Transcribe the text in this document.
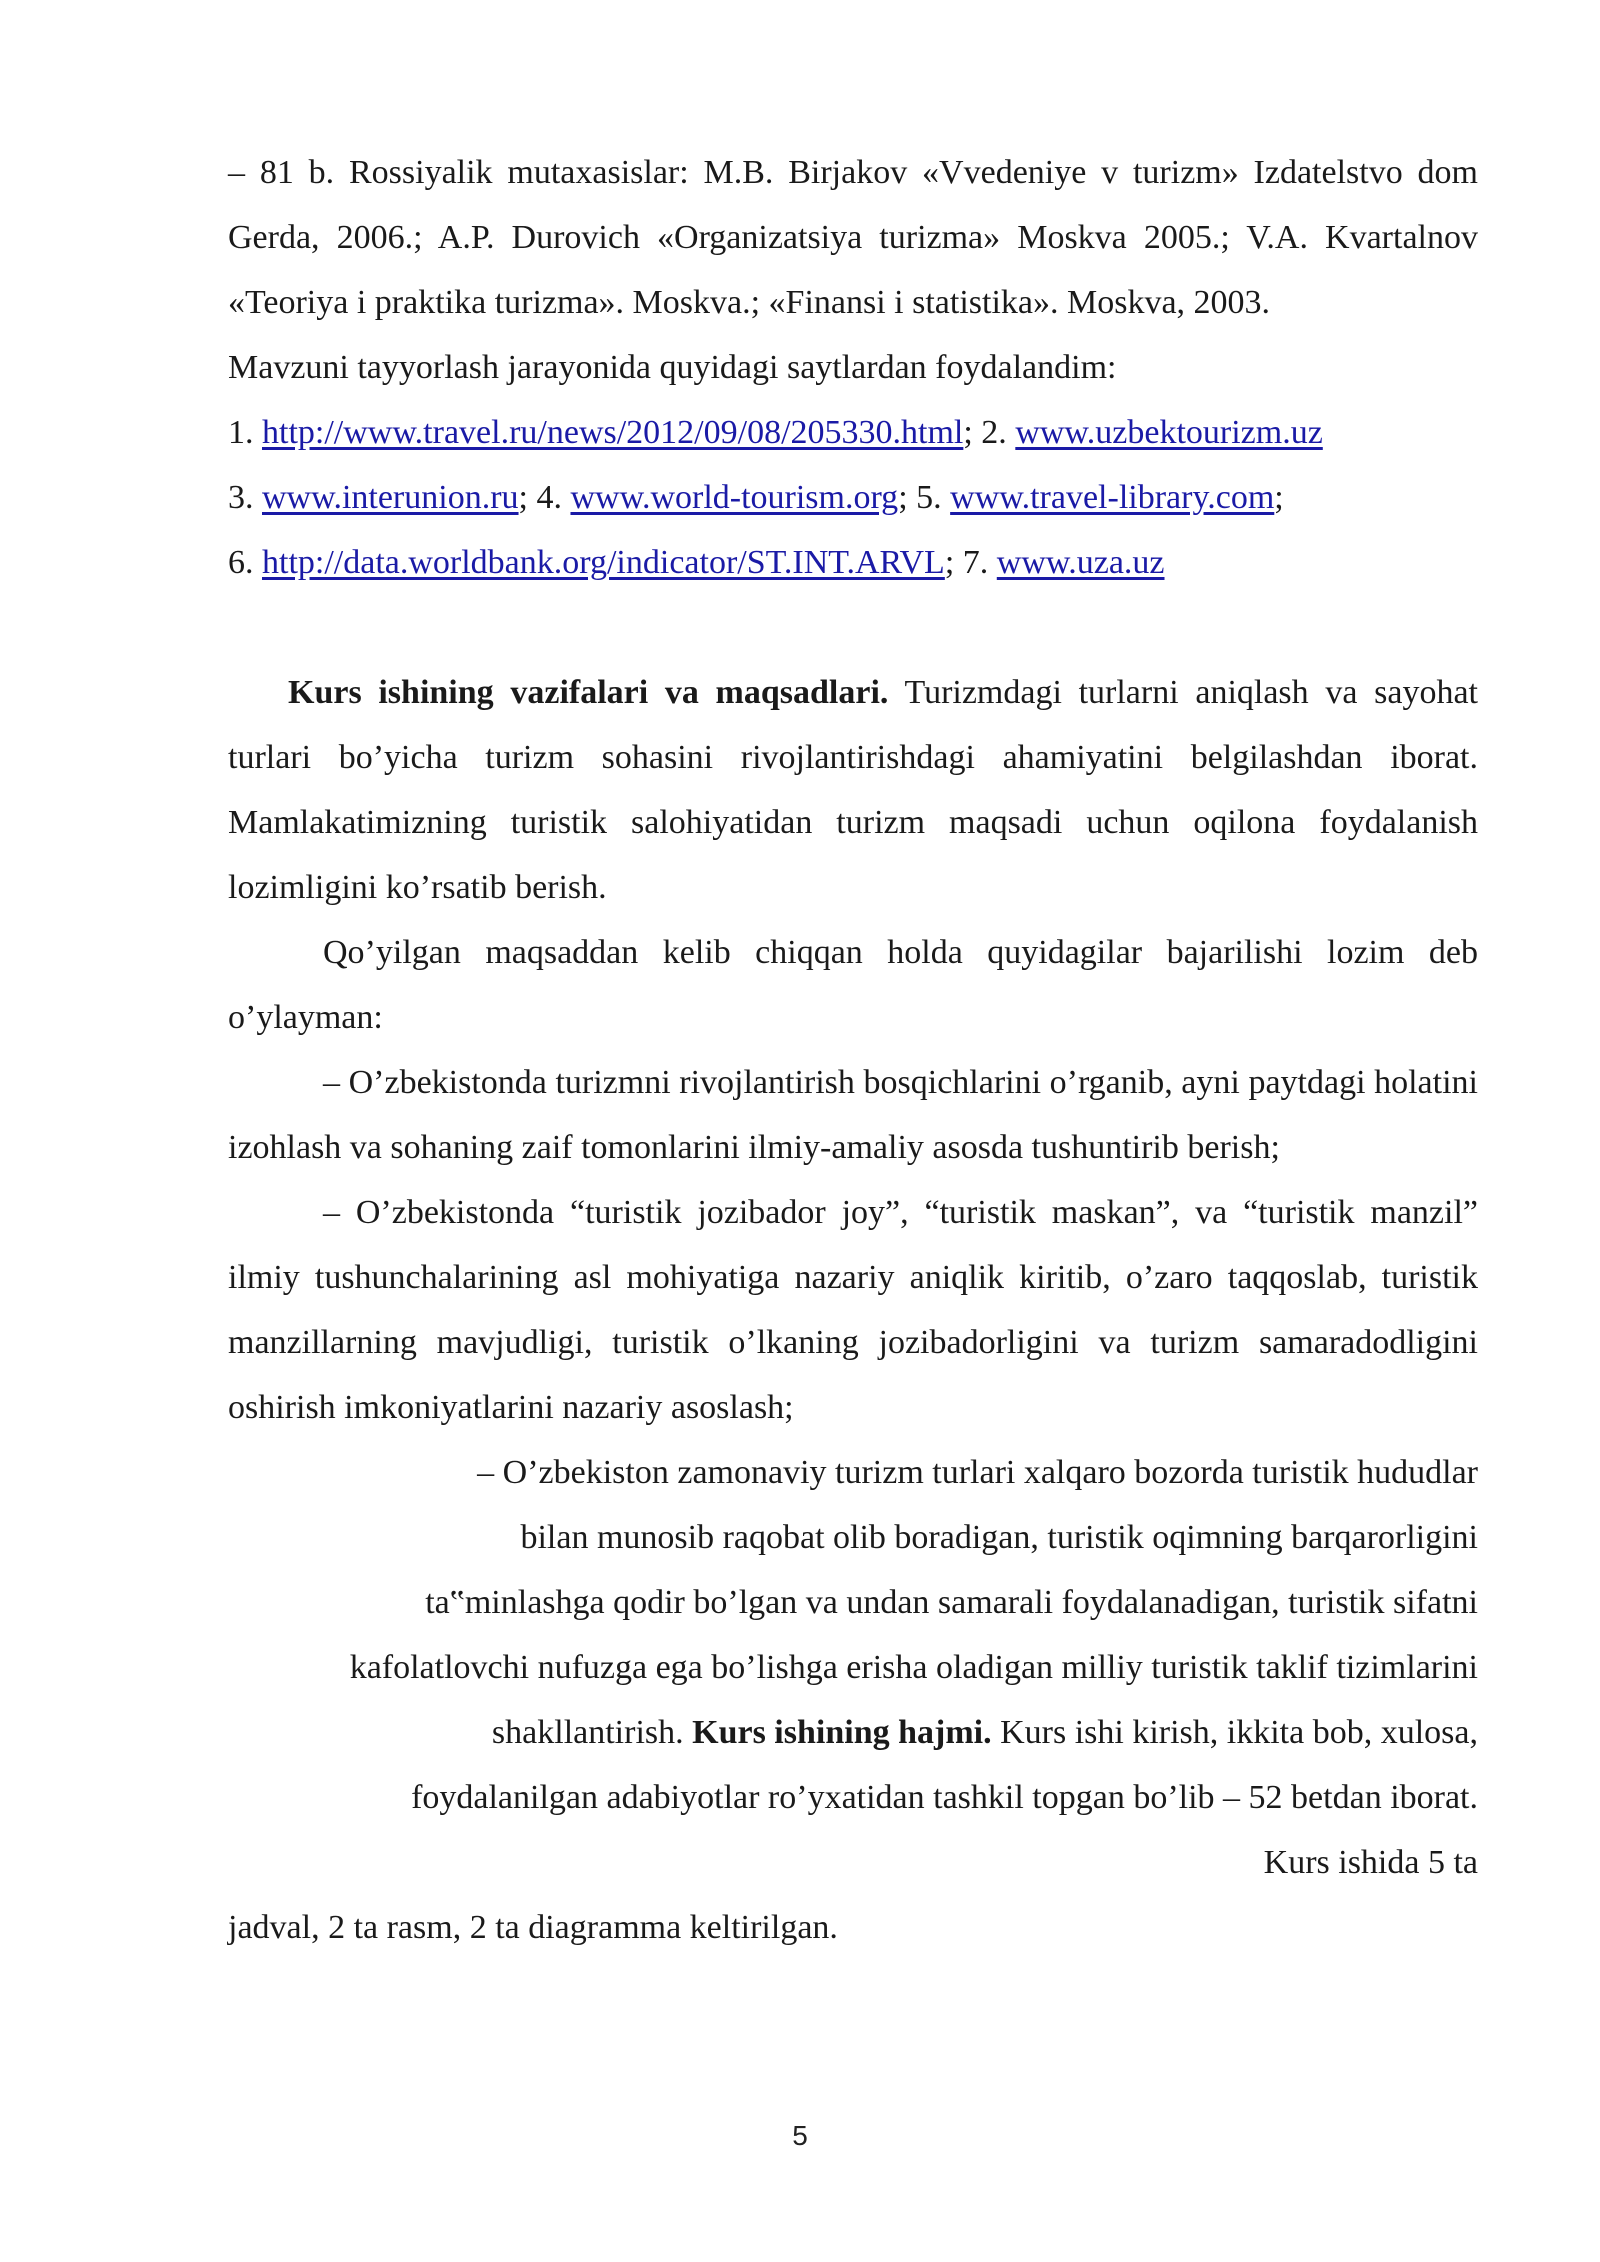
– 81 b. Rossiyalik mutaxasislar: M.B. Birjakov «Vvedeniye v turizm» Izdatelstvo dom Gerda, 2006.; A.P. Durovich «Organizatsiya turizma» Moskva 2005.; V.A. Kvartalnov «Teoriya i praktika turizma». Moskva.; «Finansi i statistika». Moskva, 2003.

Mavzuni tayyorlash jarayonida quyidagi saytlardan foydalandim:

1. http://www.travel.ru/news/2012/09/08/205330.html; 2. www.uzbektourizm.uz

3. www.interunion.ru; 4. www.world-tourism.org; 5. www.travel-library.com;

6. http://data.worldbank.org/indicator/ST.INT.ARVL; 7. www.uza.uz

Kurs ishining vazifalari va maqsadlari. Turizmdagi turlarni aniqlash va sayohat turlari bo’yicha turizm sohasini rivojlantirishdagi ahamiyatini belgilashdan iborat. Mamlakatimizning turistik salohiyatidan turizm maqsadi uchun oqilona foydalanish lozimligini ko’rsatib berish.

Qo’yilgan maqsaddan kelib chiqqan holda quyidagilar bajarilishi lozim deb o’ylayman:

– O’zbekistonda turizmni rivojlantirish bosqichlarini o’rganib, ayni paytdagi holatini izohlash va sohaning zaif tomonlarini ilmiy-amaliy asosda tushuntirib berish;

– O’zbekistonda “turistik jozibador joy”, “turistik maskan”, va “turistik manzil” ilmiy tushunchalarining asl mohiyatiga nazariy aniqlik kiritib, o’zaro taqqoslab, turistik manzillarning mavjudligi, turistik o’lkaning jozibadorligini va turizm samaradodligini oshirish imkoniyatlarini nazariy asoslash;

– O’zbekiston zamonaviy turizm turlari xalqaro bozorda turistik hududlar

bilan munosib raqobat olib boradigan, turistik oqimning barqarorligini

ta‟minlashga qodir bo’lgan va undan samarali foydalanadigan, turistik sifatni

kafolatlovchi nufuzga ega bo’lishga erisha oladigan milliy turistik taklif tizimlarini

shakllantirish. Kurs ishining hajmi. Kurs ishi kirish, ikkita bob, xulosa,

foydalanilgan adabiyotlar ro’yxatidan tashkil topgan bo’lib – 52 betdan iborat.

Kurs ishida 5 ta

jadval, 2 ta rasm, 2 ta diagramma keltirilgan.

5
